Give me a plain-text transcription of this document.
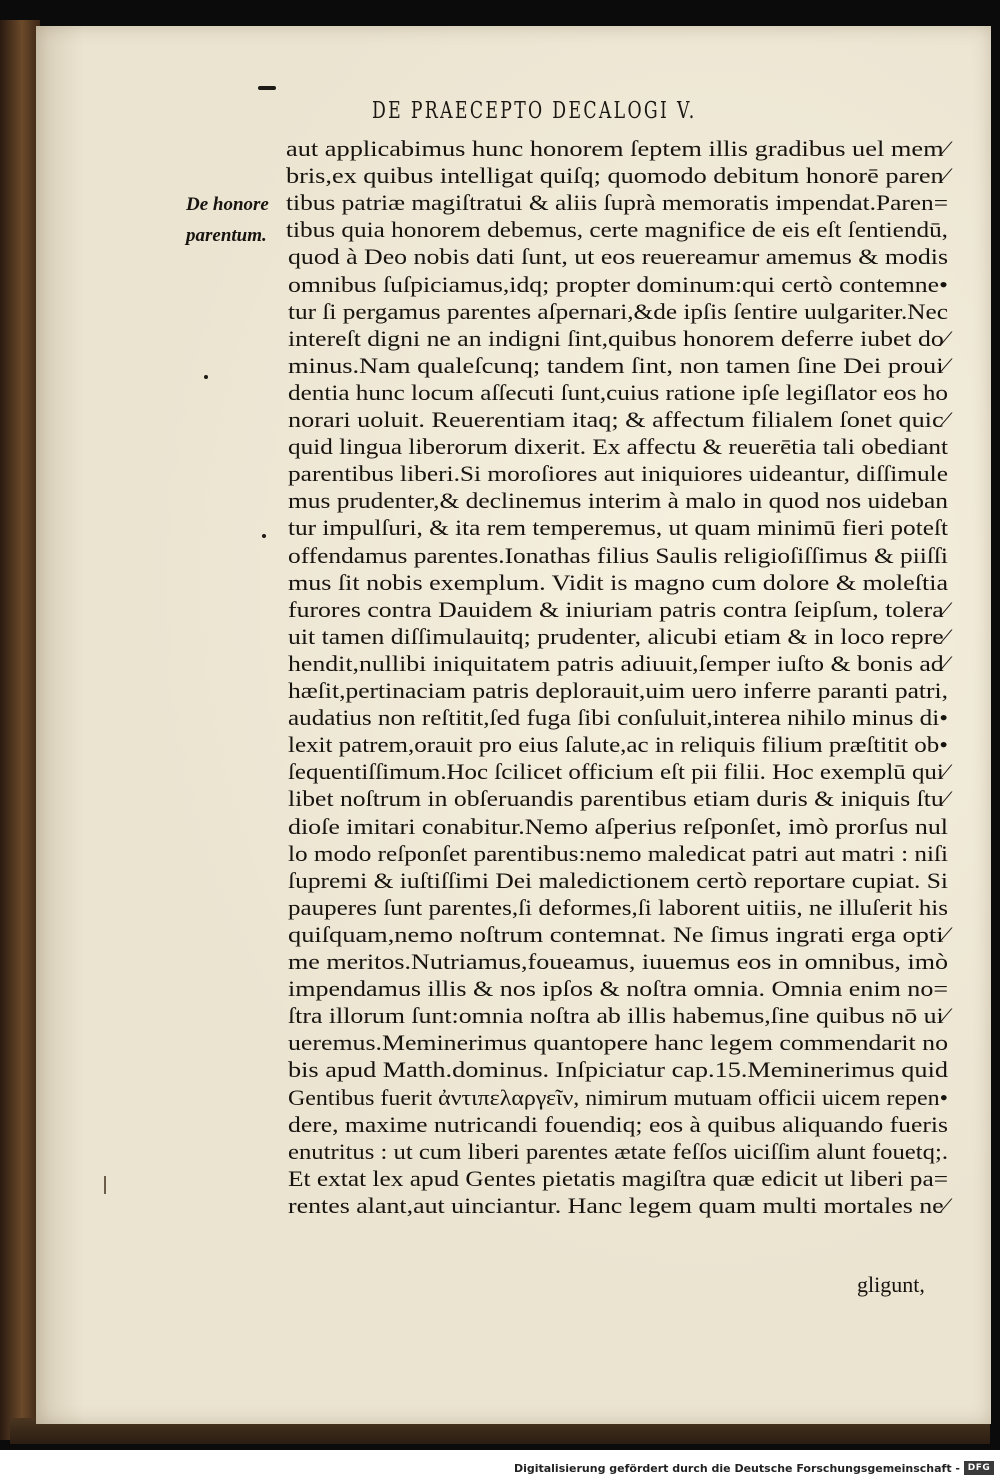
DE PRAECEPTO DECALOGI V.
De honore
parentum.
aut applicabimus hunc honorem ſeptem illis gradibus uel mem⁄
bris,ex quibus intelligat quiſq; quomodo debitum honorē paren⁄
tibus patriæ magiſtratui & aliis ſuprà memoratis impendat.Paren=
tibus quia honorem debemus, certe magnifice de eis eſt ſentiendū,
quod à Deo nobis dati ſunt, ut eos reuereamur amemus & modis
omnibus ſuſpiciamus,idq; propter dominum:qui certò contemne•
tur ſi pergamus parentes aſpernari,&de ipſis ſentire uulgariter.Nec
intereſt digni ne an indigni ſint,quibus honorem deferre iubet do⁄
minus.Nam qualeſcunq; tandem ſint, non tamen ſine Dei proui⁄
dentia hunc locum aſſecuti ſunt,cuius ratione ipſe legiſlator eos ho
norari uoluit. Reuerentiam itaq; & affectum filialem ſonet quic⁄
quid lingua liberorum dixerit. Ex affectu & reuerētia tali obediant
parentibus liberi.Si moroſiores aut iniquiores uideantur, diſſimule
mus prudenter,& declinemus interim à malo in quod nos uideban
tur impulſuri, & ita rem temperemus, ut quam minimū fieri poteſt
offendamus parentes.Ionathas filius Saulis religioſiſſimus & piiſſi
mus ſit nobis exemplum. Vidit is magno cum dolore & moleſtia
furores contra Dauidem & iniuriam patris contra ſeipſum, tolera⁄
uit tamen diſſimulauitq; prudenter, alicubi etiam & in loco repre⁄
hendit,nullibi iniquitatem patris adiuuit,ſemper iuſto & bonis ad⁄
hæſit,pertinaciam patris deplorauit,uim uero inferre paranti patri,
audatius non reſtitit,ſed fuga ſibi conſuluit,interea nihilo minus di•
lexit patrem,orauit pro eius ſalute,ac in reliquis filium præſtitit ob•
ſequentiſſimum.Hoc ſcilicet officium eſt pii filii. Hoc exemplū qui⁄
libet noſtrum in obſeruandis parentibus etiam duris & iniquis ſtu⁄
dioſe imitari conabitur.Nemo aſperius reſponſet, imò prorſus nul
lo modo reſponſet parentibus:nemo maledicat patri aut matri : niſi
ſupremi & iuſtiſſimi Dei maledictionem certò reportare cupiat. Si
pauperes ſunt parentes,ſi deformes,ſi laborent uitiis, ne illuſerit his
quiſquam,nemo noſtrum contemnat. Ne ſimus ingrati erga opti⁄
me meritos.Nutriamus,foueamus, iuuemus eos in omnibus, imò
impendamus illis & nos ipſos & noſtra omnia. Omnia enim no=
ſtra illorum ſunt:omnia noſtra ab illis habemus,ſine quibus nō ui⁄
ueremus.Meminerimus quantopere hanc legem commendarit no
bis apud Matth.dominus. Inſpiciatur cap.15.Meminerimus quid
Gentibus fuerit ἀντιπελαργεῖν, nimirum mutuam officii uicem repen•
dere, maxime nutricandi fouendiq; eos à quibus aliquando fueris
enutritus : ut cum liberi parentes ætate feſſos uiciſſim alunt fouetq;.
Et extat lex apud Gentes pietatis magiſtra quæ edicit ut liberi pa=
rentes alant,aut uinciantur. Hanc legem quam multi mortales ne⁄
gligunt,
Digitalisierung gefördert durch die Deutsche Forschungsgemeinschaft - DFG
